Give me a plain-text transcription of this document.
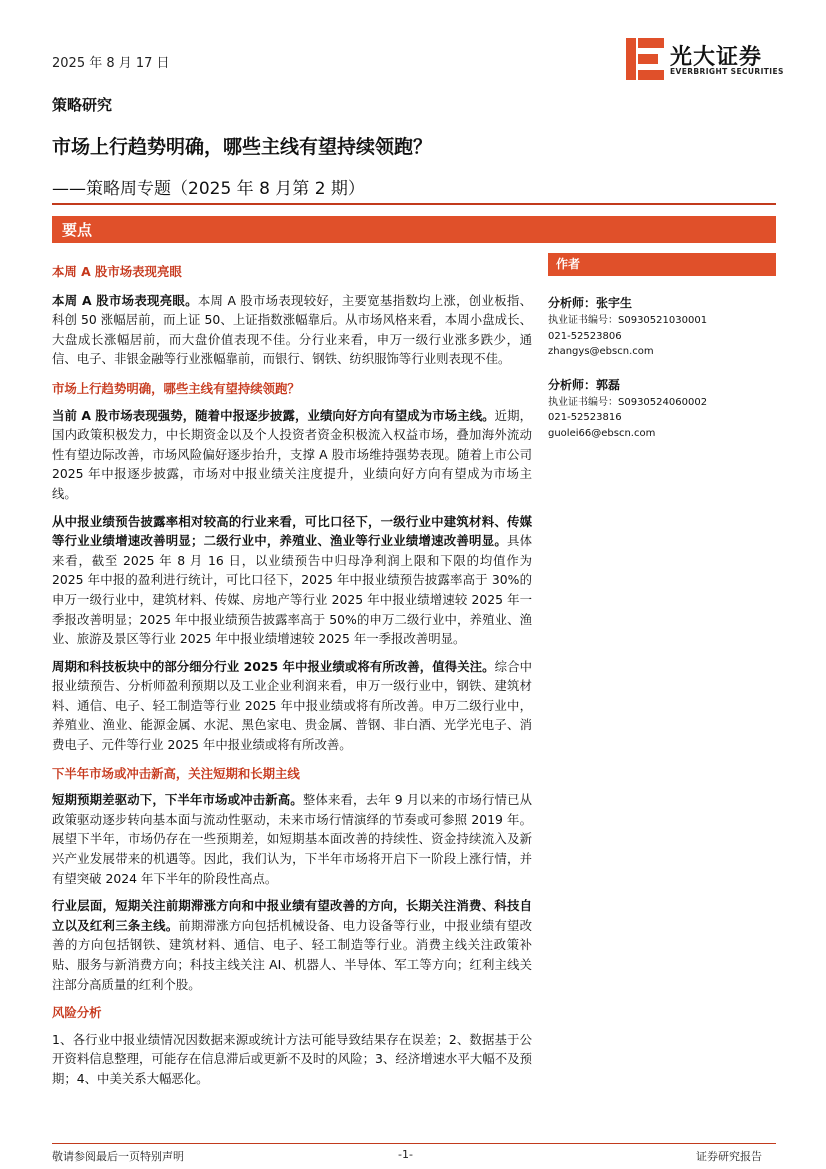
2025 年 8 月 17 日	光大证券
EVERBRIGHT SECURITIES
策略研究
市场上行趋势明确，哪些主线有望持续领跑？
——策略周专题（2025 年 8 月第 2 期）
要点

本周 A 股市场表现亮眼

本周 A 股市场表现亮眼。本周 A 股市场表现较好，主要宽基指数均上涨，创业板指、科创 50 涨幅居前，而上证 50、上证指数涨幅靠后。从市场风格来看，本周小盘成长、大盘成长涨幅居前，而大盘价值表现不佳。分行业来看，申万一级行业涨多跌少，通信、电子、非银金融等行业涨幅靠前，而银行、钢铁、纺织服饰等行业则表现不佳。

市场上行趋势明确，哪些主线有望持续领跑？

当前 A 股市场表现强势，随着中报逐步披露，业绩向好方向有望成为市场主线。近期，国内政策积极发力，中长期资金以及个人投资者资金积极流入权益市场，叠加海外流动性有望边际改善，市场风险偏好逐步抬升，支撑 A 股市场维持强势表现。随着上市公司 2025 年中报逐步披露，市场对中报业绩关注度提升，业绩向好方向有望成为市场主线。

从中报业绩预告披露率相对较高的行业来看，可比口径下，一级行业中建筑材料、传媒等行业业绩增速改善明显；二级行业中，养殖业、渔业等行业业绩增速改善明显。具体来看，截至 2025 年 8 月 16 日，以业绩预告中归母净利润上限和下限的均值作为 2025 年中报的盈利进行统计，可比口径下，2025 年中报业绩预告披露率高于 30%的申万一级行业中，建筑材料、传媒、房地产等行业 2025 年中报业绩增速较 2025 年一季报改善明显；2025 年中报业绩预告披露率高于 50%的申万二级行业中，养殖业、渔业、旅游及景区等行业 2025 年中报业绩增速较 2025 年一季报改善明显。

周期和科技板块中的部分细分行业 2025 年中报业绩或将有所改善，值得关注。综合中报业绩预告、分析师盈利预期以及工业企业利润来看，申万一级行业中，钢铁、建筑材料、通信、电子、轻工制造等行业 2025 年中报业绩或将有所改善。申万二级行业中，养殖业、渔业、能源金属、水泥、黑色家电、贵金属、普钢、非白酒、光学光电子、消费电子、元件等行业 2025 年中报业绩或将有所改善。

下半年市场或冲击新高，关注短期和长期主线

短期预期差驱动下，下半年市场或冲击新高。整体来看，去年 9 月以来的市场行情已从政策驱动逐步转向基本面与流动性驱动，未来市场行情演绎的节奏或可参照 2019 年。展望下半年，市场仍存在一些预期差，如短期基本面改善的持续性、资金持续流入及新兴产业发展带来的机遇等。因此，我们认为，下半年市场将开启下一阶段上涨行情，并有望突破 2024 年下半年的阶段性高点。

行业层面，短期关注前期滞涨方向和中报业绩有望改善的方向，长期关注消费、科技自立以及红利三条主线。前期滞涨方向包括机械设备、电力设备等行业，中报业绩有望改善的方向包括钢铁、建筑材料、通信、电子、轻工制造等行业。消费主线关注政策补贴、服务与新消费方向；科技主线关注 AI、机器人、半导体、军工等方向；红利主线关注部分高质量的红利个股。

风险分析

1、各行业中报业绩情况因数据来源或统计方法可能导致结果存在误差；2、数据基于公开资料信息整理，可能存在信息滞后或更新不及时的风险；3、经济增速水平大幅不及预期；4、中美关系大幅恶化。

作者
分析师：张宇生
执业证书编号：S0930521030001
021-52523806
zhangys@ebscn.com
分析师：郭磊
执业证书编号：S0930524060002
021-52523816
guolei66@ebscn.com
敬请参阅最后一页特别声明	-1-	证券研究报告
